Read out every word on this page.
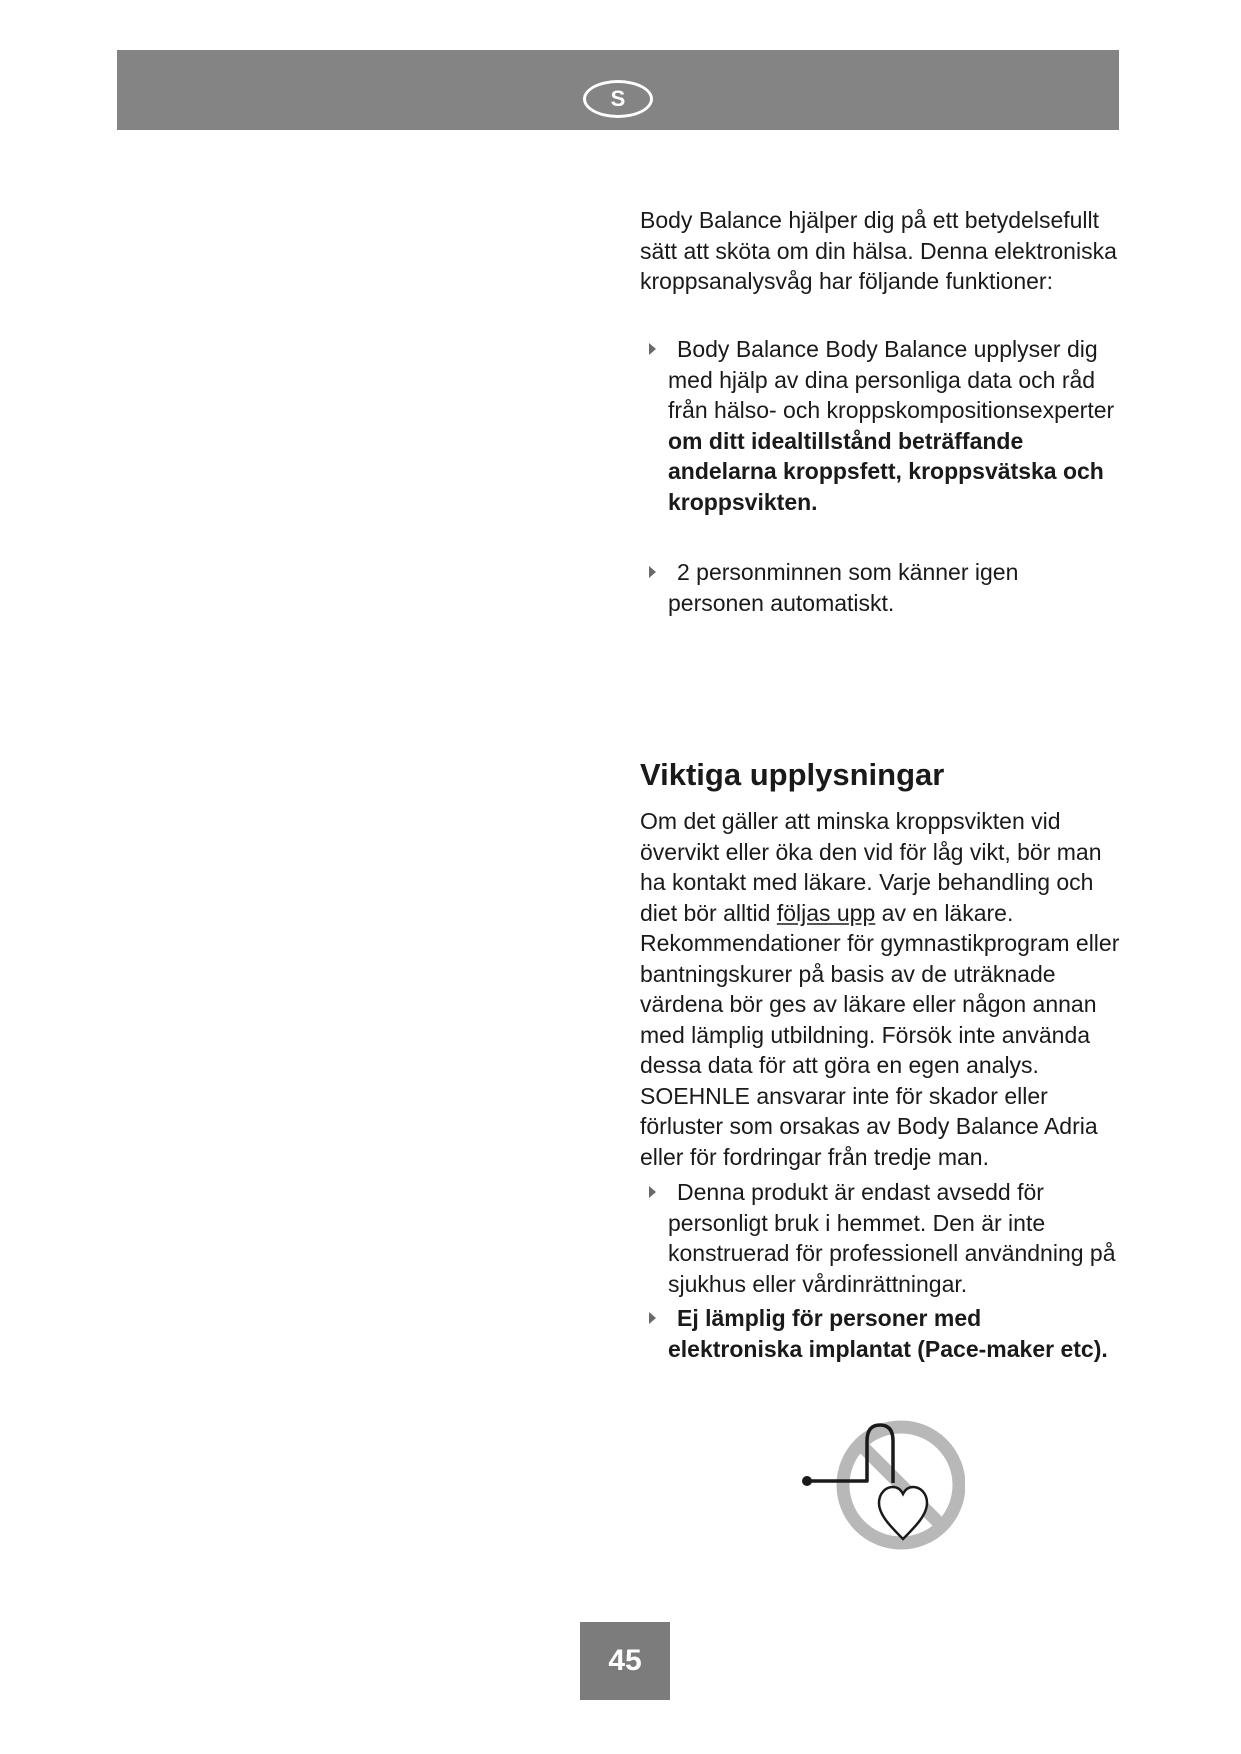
S

Body Balance hjälper dig på ett betydelsefullt sätt att sköta om din hälsa. Denna elektroniska kroppsanalysvåg har följande funktioner:

Body Balance Body Balance upplyser dig med hjälp av dina personliga data och råd från hälso- och kroppskompositionsexperter om ditt idealtillstånd beträffande andelarna kroppsfett, kroppsvätska och kroppsvikten.
2 personminnen som känner igen personen automatiskt.
Viktiga upplysningar

Om det gäller att minska kroppsvikten vid övervikt eller öka den vid för låg vikt, bör man ha kontakt med läkare. Varje behandling och diet bör alltid följas upp av en läkare.

Rekommendationer för gymnastikprogram eller bantningskurer på basis av de uträknade värdena bör ges av läkare eller någon annan med lämplig utbildning. Försök inte använda dessa data för att göra en egen analys.

SOEHNLE ansvarar inte för skador eller förluster som orsakas av Body Balance Adria eller för fordringar från tredje man.

Denna produkt är endast avsedd för personligt bruk i hemmet. Den är inte konstruerad för professionell användning på sjukhus eller vårdinrättningar.
Ej lämplig för personer med elektroniska implantat (Pace-maker etc).
45
